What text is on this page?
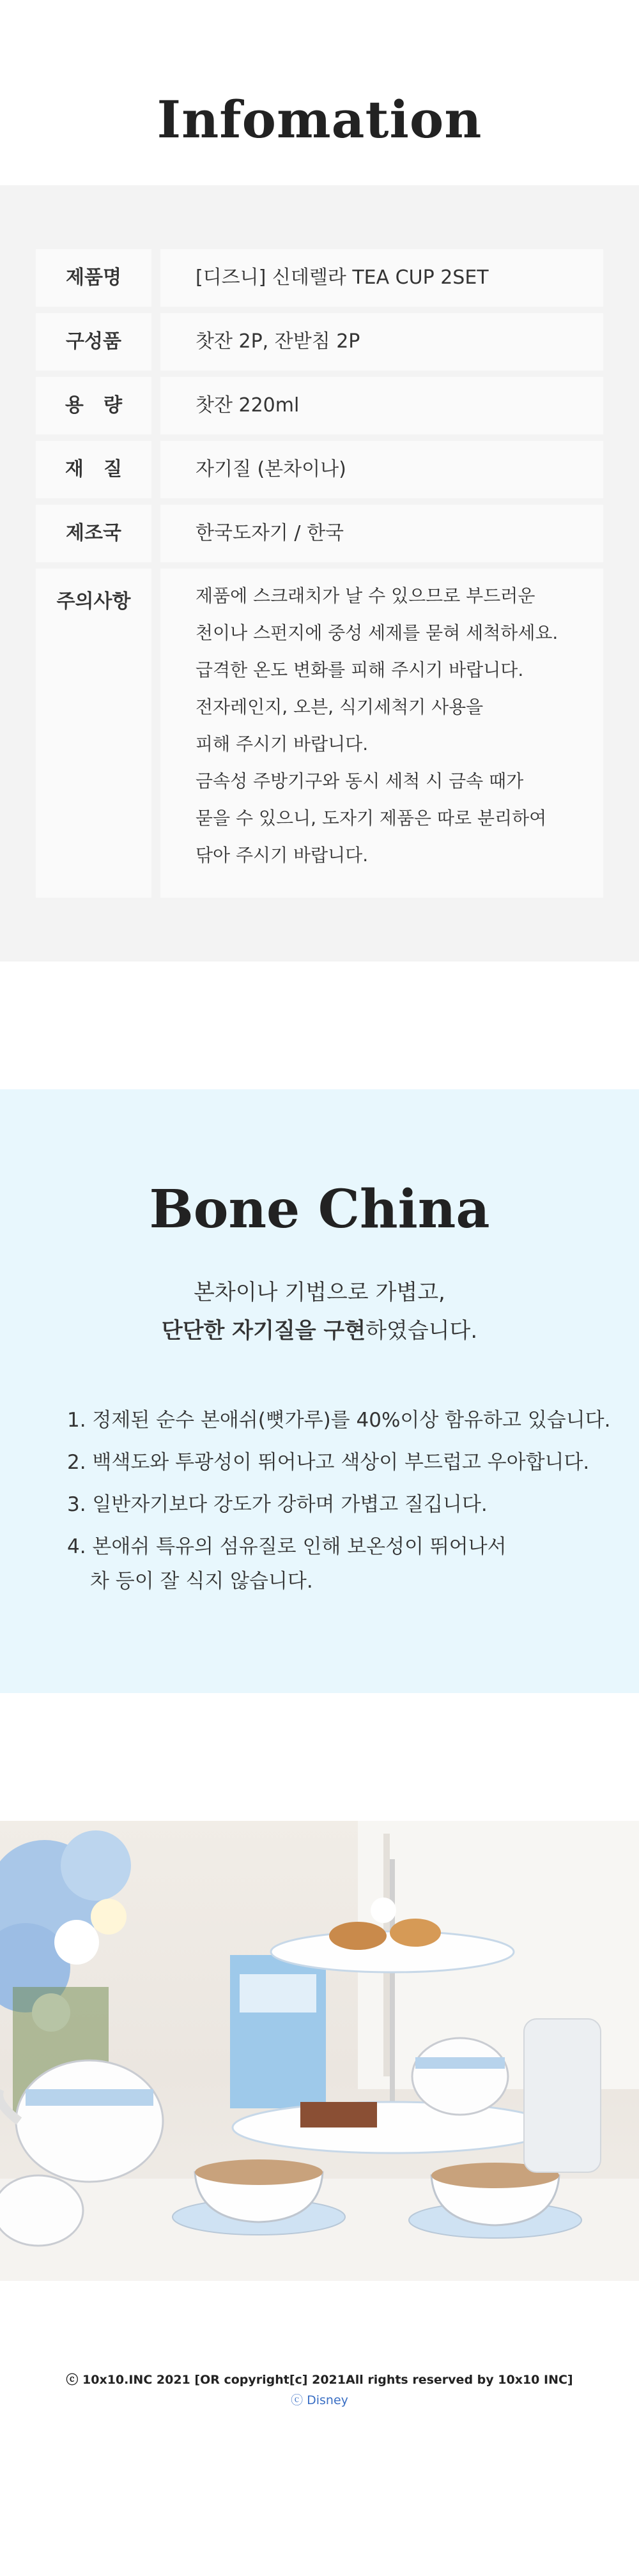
Infomation
제품명	[디즈니] 신데렐라 TEA CUP 2SET
구성품	찻잔 2P, 잔받침 2P
용   량	찻잔 220ml
재   질	자기질 (본차이나)
제조국	한국도자기 / 한국
주의사항	제품에 스크래치가 날 수 있으므로 부드러운
천이나 스펀지에 중성 세제를 묻혀 세척하세요.
급격한 온도 변화를 피해 주시기 바랍니다.
전자레인지, 오븐, 식기세척기 사용을
피해 주시기 바랍니다.
금속성 주방기구와 동시 세척 시 금속 때가
묻을 수 있으니, 도자기 제품은 따로 분리하여
닦아 주시기 바랍니다.
Bone China
본차이나 기법으로 가볍고,
단단한 자기질을 구현하였습니다.
1. 정제된 순수 본애쉬(뼛가루)를 40%이상 함유하고 있습니다.
2. 백색도와 투광성이 뛰어나고 색상이 부드럽고 우아합니다.
3. 일반자기보다 강도가 강하며 가볍고 질깁니다.
4. 본애쉬 특유의 섬유질로 인해 보온성이 뛰어나서
차 등이 잘 식지 않습니다.
ⓒ 10x10.INC 2021 [OR copyright[c] 2021All rights reserved by 10x10 INC]
ⓒ Disney
